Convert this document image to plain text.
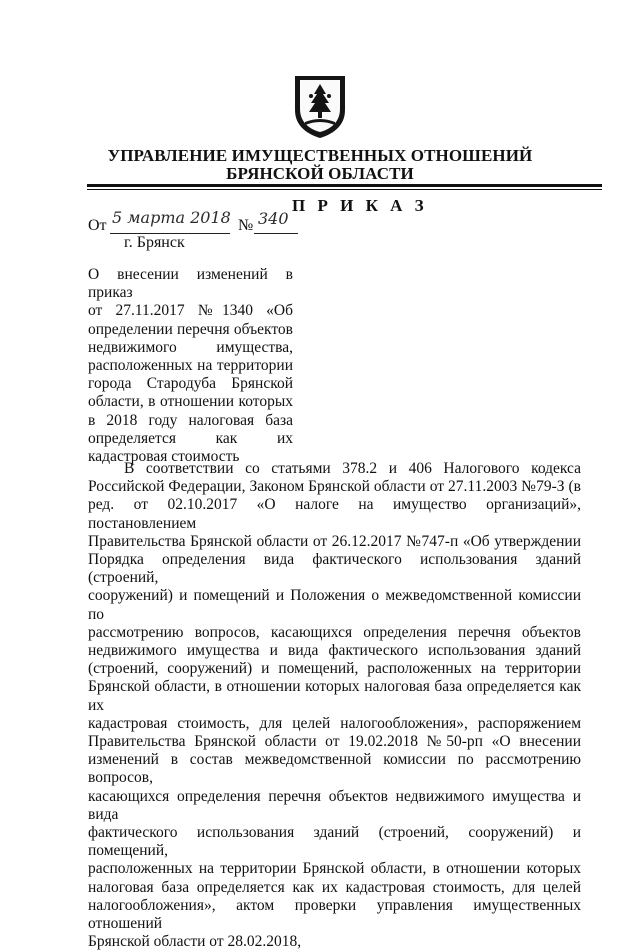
УПРАВЛЕНИЕ ИМУЩЕСТВЕННЫХ ОТНОШЕНИЙ
БРЯНСКОЙ ОБЛАСТИ
П Р И К А З
От 5 марта 2018 № 340
г. Брянск
О внесении изменений в приказ
от 27.11.2017 №1340 «Об
определении перечня объектов
недвижимого имущества,
расположенных на территории
города Стародуба Брянской
области, в отношении которых
в 2018 году налоговая база
определяется как их
кадастровая стоимость
В соответствии со статьями 378.2 и 406 Налогового кодекса
Российской Федерации, Законом Брянской области от 27.11.2003 №79-З (в
ред. от 02.10.2017 «О налоге на имущество организаций», постановлением
Правительства Брянской области от 26.12.2017 №747-п «Об утверждении
Порядка определения вида фактического использования зданий (строений,
сооружений) и помещений и Положения о межведомственной комиссии по
рассмотрению вопросов, касающихся определения перечня объектов
недвижимого имущества и вида фактического использования зданий
(строений, сооружений) и помещений, расположенных на территории
Брянской области, в отношении которых налоговая база определяется как их
кадастровая стоимость, для целей налогообложения», распоряжением
Правительства Брянской области от 19.02.2018 №50-рп «О внесении
изменений в состав межведомственной комиссии по рассмотрению вопросов,
касающихся определения перечня объектов недвижимого имущества и вида
фактического использования зданий (строений, сооружений) и помещений,
расположенных на территории Брянской области, в отношении которых
налоговая база определяется как их кадастровая стоимость, для целей
налогообложения», актом проверки управления имущественных отношений
Брянской области от 28.02.2018,
